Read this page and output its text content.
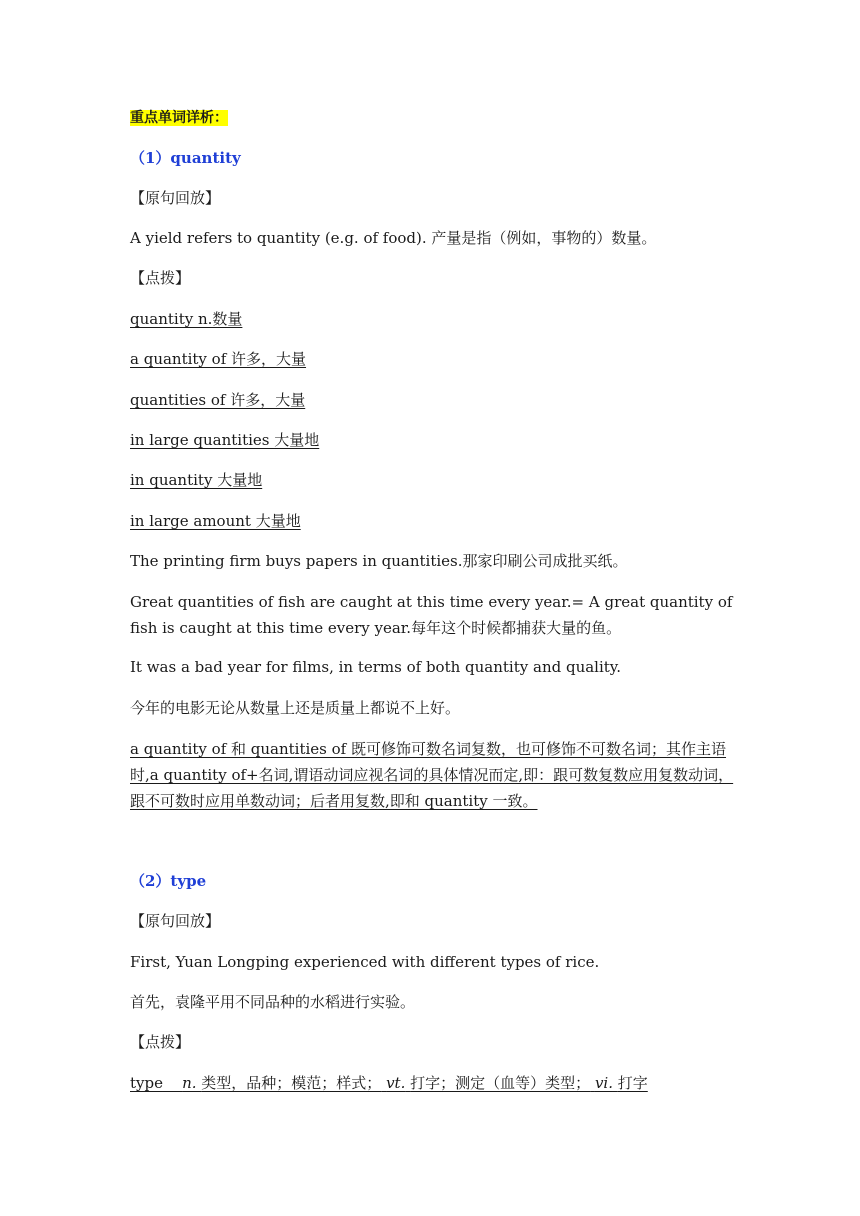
重点单词详析：
（1）quantity
【原句回放】
A yield refers to quantity (e.g. of food). 产量是指（例如，事物的）数量。
【点拨】
quantity n.数量
a quantity of 许多，大量
quantities of 许多，大量
in large quantities 大量地
in quantity 大量地
in large amount 大量地
The printing firm buys papers in quantities.那家印刷公司成批买纸。
Great quantities of fish are caught at this time every year.= A great quantity of fish is caught at this time every year.每年这个时候都捕获大量的鱼。
It was a bad year for films, in terms of both quantity and quality.
今年的电影无论从数量上还是质量上都说不上好。
a quantity of 和 quantities of 既可修饰可数名词复数，也可修饰不可数名词；其作主语时,a quantity of+名词,谓语动词应视名词的具体情况而定,即：跟可数复数应用复数动词，跟不可数时应用单数动词；后者用复数,即和 quantity 一致。
（2）type
【原句回放】
First, Yuan Longping experienced with different types of rice.
首先，袁隆平用不同品种的水稻进行实验。
【点拨】
type n. 类型，品种；模范；样式； vt. 打字；测定（血等）类型； vi. 打字
